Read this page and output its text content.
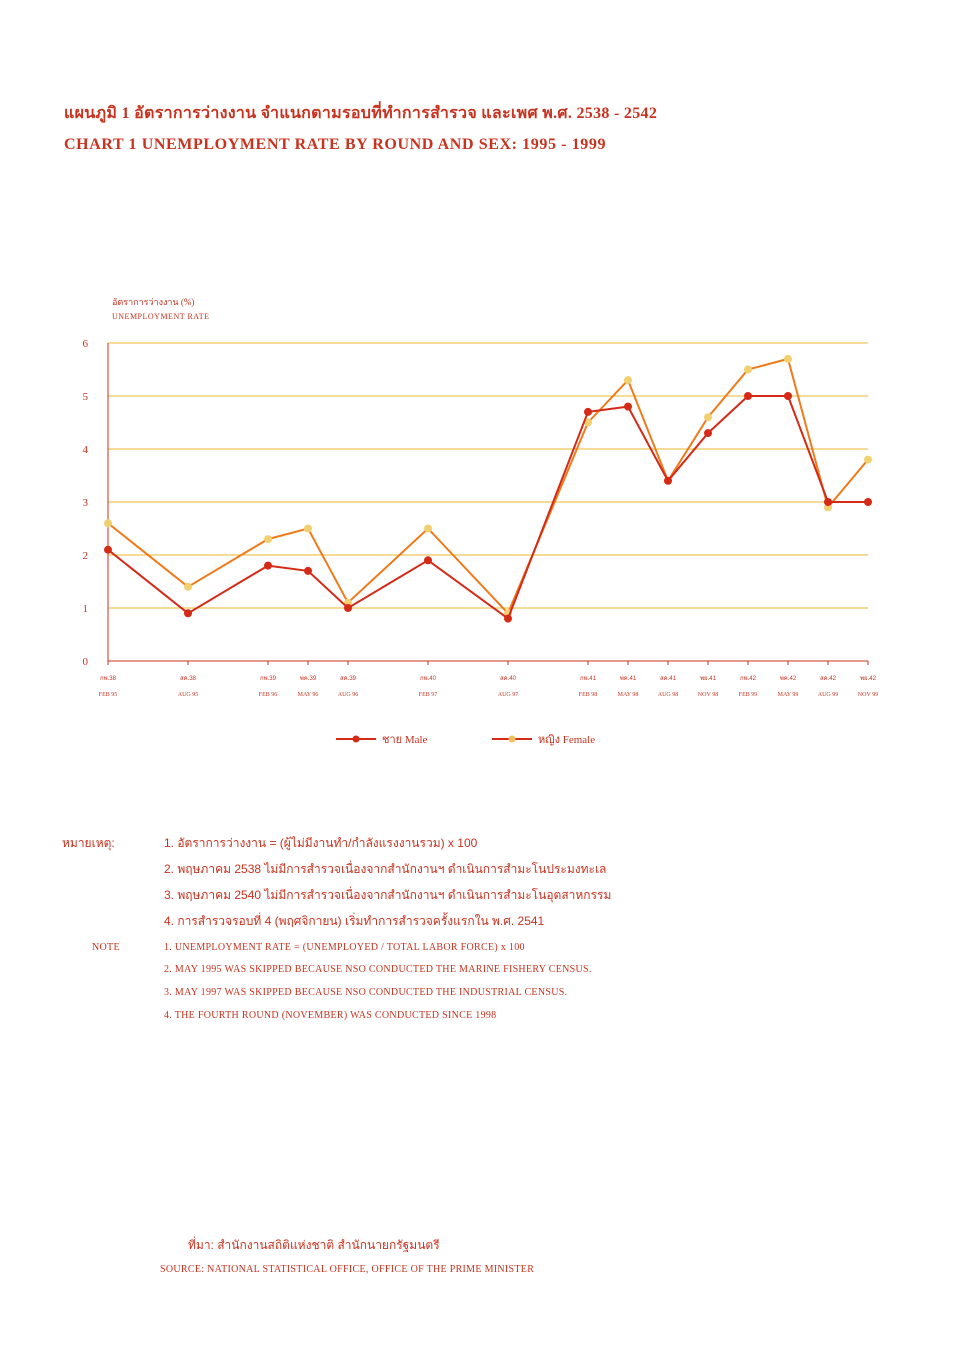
แผนภูมิ 1 อัตราการว่างงาน จำแนกตามรอบที่ทำการสำรวจ และเพศ พ.ศ. 2538 - 2542
CHART 1 UNEMPLOYMENT RATE BY ROUND AND SEX: 1995 - 1999
อัตราการว่างงาน (%)
UNEMPLOYMENT RATE
0
1
2
3
4
5
6
กพ.38
FEB 95
สค.38
AUG 95
กพ.39
FEB 96
พค.39
MAY 96
สค.39
AUG 96
กพ.40
FEB 97
สค.40
AUG 97
กพ.41
FEB 98
พค.41
MAY 98
สค.41
AUG 98
พย.41
NOV 98
กพ.42
FEB 99
พค.42
MAY 99
สค.42
AUG 99
พย.42
NOV 99
ชาย Male	หญิง Female
หมายเหตุ:	1. อัตราการว่างงาน = (ผู้ไม่มีงานทำ/กำลังแรงงานรวม) x 100
2. พฤษภาคม 2538 ไม่มีการสำรวจเนื่องจากสำนักงานฯ ดำเนินการสำมะโนประมงทะเล
3. พฤษภาคม 2540 ไม่มีการสำรวจเนื่องจากสำนักงานฯ ดำเนินการสำมะโนอุตสาหกรรม
4. การสำรวจรอบที่ 4 (พฤศจิกายน) เริ่มทำการสำรวจครั้งแรกใน พ.ศ. 2541
NOTE	1. UNEMPLOYMENT RATE = (UNEMPLOYED / TOTAL LABOR FORCE) x 100
2. MAY 1995 WAS SKIPPED BECAUSE NSO CONDUCTED THE MARINE FISHERY CENSUS.
3. MAY 1997 WAS SKIPPED BECAUSE NSO CONDUCTED THE INDUSTRIAL CENSUS.
4. THE FOURTH ROUND (NOVEMBER) WAS CONDUCTED SINCE 1998
ที่มา: สำนักงานสถิติแห่งชาติ สำนักนายกรัฐมนตรี
SOURCE: NATIONAL STATISTICAL OFFICE, OFFICE OF THE PRIME MINISTER
